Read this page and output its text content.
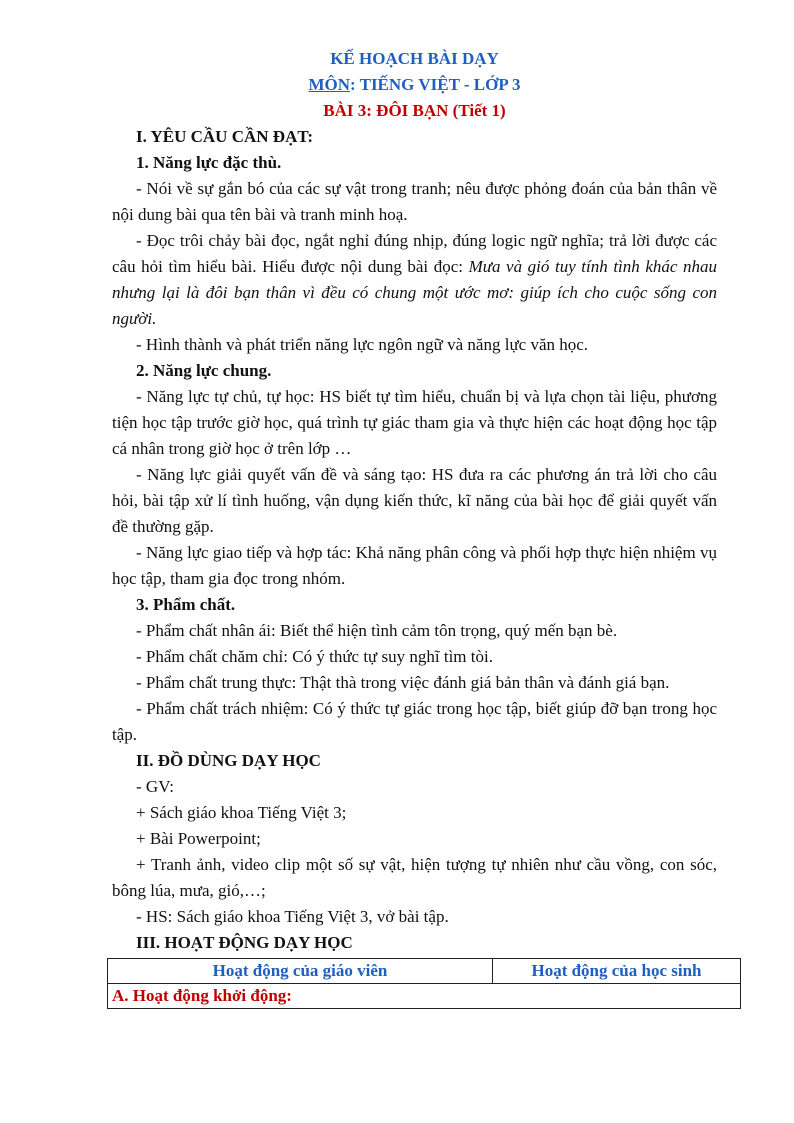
KẾ HOẠCH BÀI DẠY
MÔN: TIẾNG VIỆT - LỚP 3
BÀI 3: ĐÔI BẠN (Tiết 1)
I. YÊU CẦU CẦN ĐẠT:
1. Năng lực đặc thù.

- Nói về sự gắn bó của các sự vật trong tranh; nêu được phỏng đoán của bản thân về nội dung bài qua tên bài và tranh minh hoạ.

- Đọc trôi chảy bài đọc, ngắt nghỉ đúng nhịp, đúng logic ngữ nghĩa; trả lời được các câu hỏi tìm hiểu bài. Hiểu được nội dung bài đọc: Mưa và gió tuy tính tình khác nhau nhưng lại là đôi bạn thân vì đều có chung một ước mơ: giúp ích cho cuộc sống con người.

- Hình thành và phát triển năng lực ngôn ngữ và năng lực văn học.

2. Năng lực chung.

- Năng lực tự chủ, tự học: HS biết tự tìm hiểu, chuẩn bị và lựa chọn tài liệu, phương tiện học tập trước giờ học, quá trình tự giác tham gia và thực hiện các hoạt động học tập cá nhân trong giờ học ở trên lớp …

- Năng lực giải quyết vấn đề và sáng tạo: HS đưa ra các phương án trả lời cho câu hỏi, bài tập xử lí tình huống, vận dụng kiến thức, kĩ năng của bài học để giải quyết vấn đề thường gặp.

- Năng lực giao tiếp và hợp tác: Khả năng phân công và phối hợp thực hiện nhiệm vụ học tập, tham gia đọc trong nhóm.

3. Phẩm chất.

- Phẩm chất nhân ái: Biết thể hiện tình cảm tôn trọng, quý mến bạn bè.

- Phẩm chất chăm chỉ: Có ý thức tự suy nghĩ tìm tòi.

- Phẩm chất trung thực: Thật thà trong việc đánh giá bản thân và đánh giá bạn.

- Phẩm chất trách nhiệm: Có ý thức tự giác trong học tập, biết giúp đỡ bạn trong học tập.

II. ĐỒ DÙNG DẠY HỌC

- GV:

+ Sách giáo khoa Tiếng Việt 3;

+ Bài Powerpoint;

+ Tranh ảnh, video clip một số sự vật, hiện tượng tự nhiên như cầu vồng, con sóc, bông lúa, mưa, gió,…;

- HS: Sách giáo khoa Tiếng Việt 3, vở bài tập.

III. HOẠT ĐỘNG DẠY HỌC
Hoạt động của giáo viên	Hoạt động của học sinh
A. Hoạt động khởi động:
